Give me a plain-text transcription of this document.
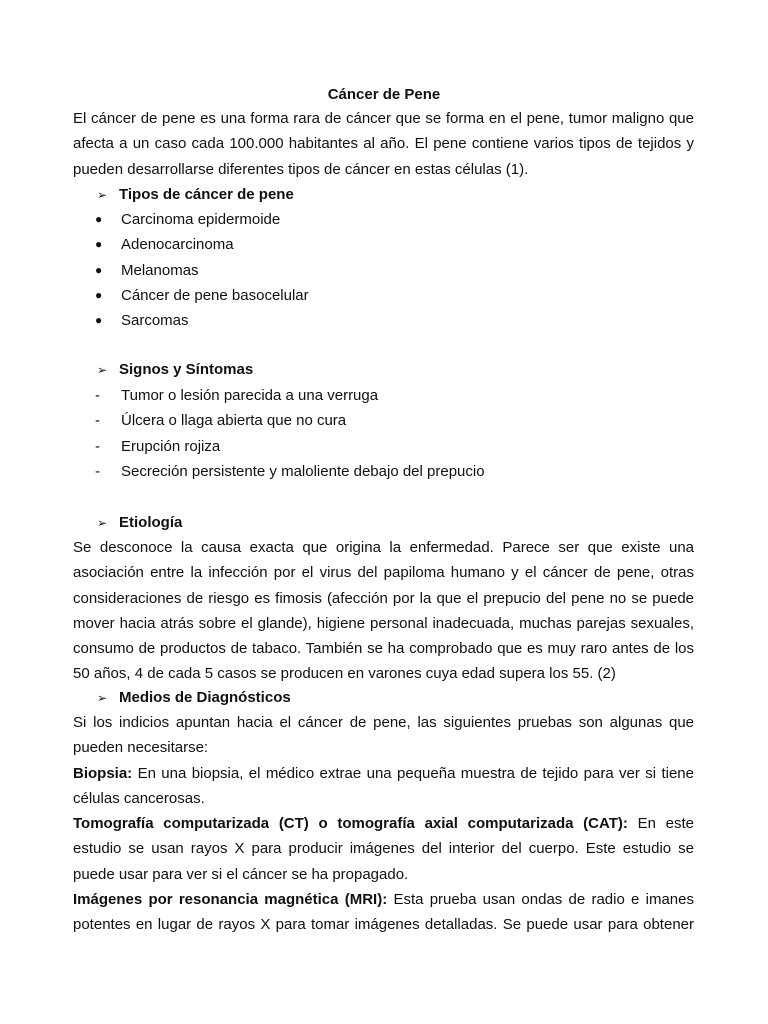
Cáncer de Pene

El cáncer de pene es una forma rara de cáncer que se forma en el pene, tumor maligno que afecta a un caso cada 100.000 habitantes al año. El pene contiene varios tipos de tejidos y pueden desarrollarse diferentes tipos de cáncer en estas células (1).

➢ Tipos de cáncer de pene
●	Carcinoma epidermoide
●	Adenocarcinoma
●	Melanomas
●	Cáncer de pene basocelular
●	Sarcomas
➢ Signos y Síntomas
-	Tumor o lesión parecida a una verruga
-	Úlcera o llaga abierta que no cura
-	Erupción rojiza
-	Secreción persistente y maloliente debajo del prepucio
➢ Etiología

Se desconoce la causa exacta que origina la enfermedad. Parece ser que existe una asociación entre la infección por el virus del papiloma humano y el cáncer de pene, otras consideraciones de riesgo es fimosis (afección por la que el prepucio del pene no se puede mover hacia atrás sobre el glande), higiene personal inadecuada, muchas parejas sexuales, consumo de productos de tabaco. También se ha comprobado que es muy raro antes de los 50 años, 4 de cada 5 casos se producen en varones cuya edad supera los 55. (2)

➢ Medios de Diagnósticos

Si los indicios apuntan hacia el cáncer de pene, las siguientes pruebas son algunas que pueden necesitarse:

Biopsia: En una biopsia, el médico extrae una pequeña muestra de tejido para ver si tiene células cancerosas.

Tomografía computarizada (CT) o tomografía axial computarizada (CAT): En este estudio se usan rayos X para producir imágenes del interior del cuerpo. Este estudio se puede usar para ver si el cáncer se ha propagado.

Imágenes por resonancia magnética (MRI): Esta prueba usan ondas de radio e imanes potentes en lugar de rayos X para tomar imágenes detalladas. Se puede usar para obtener
